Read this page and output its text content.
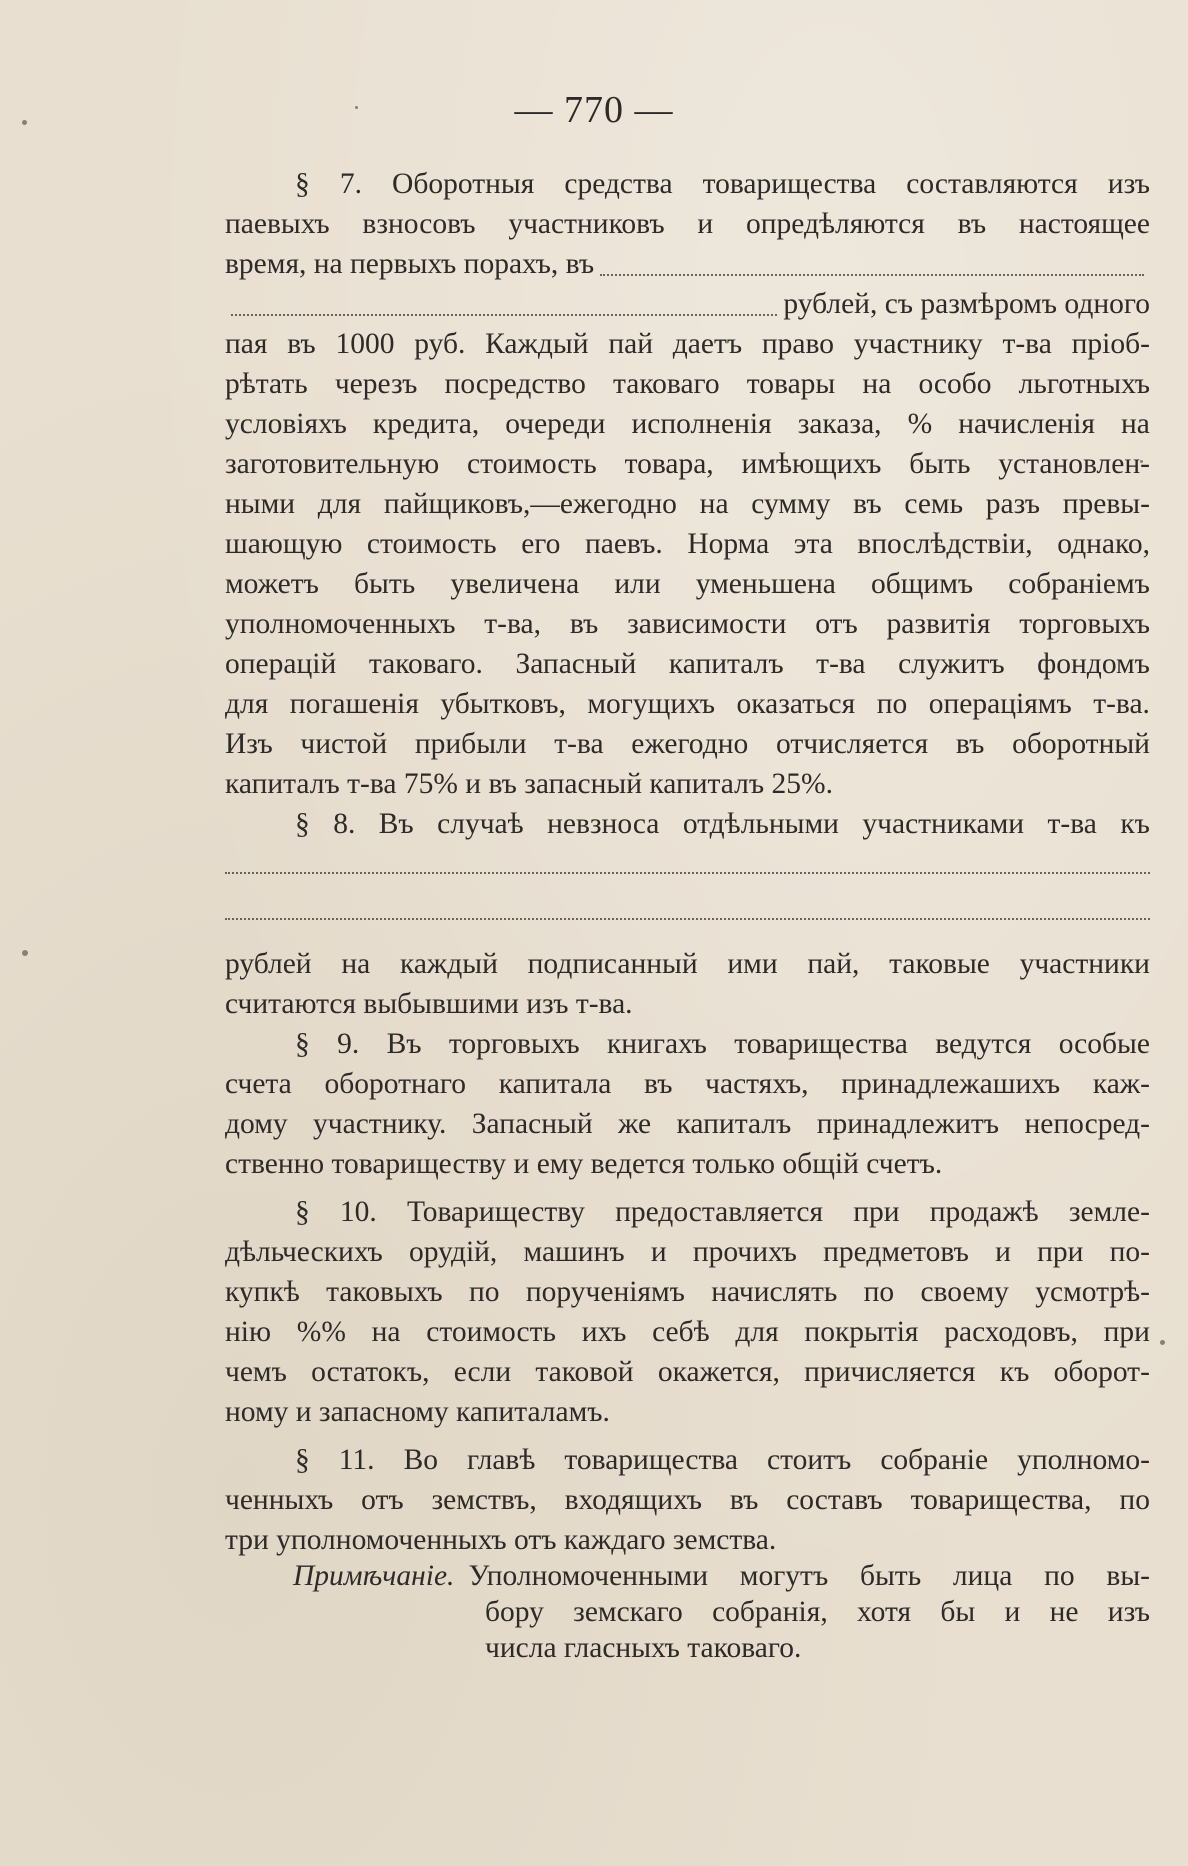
— 770 —
§ 7. Оборотныя средства товарищества составляются изъ
паевыхъ взносовъ участниковъ и опредѣляются въ настоящее
время, на первыхъ порахъ, въ
рублей, съ размѣромъ одного
пая въ 1000 руб. Каждый пай даетъ право участнику т-ва пріоб-
рѣтать черезъ посредство таковаго товары на особо льготныхъ
условіяхъ кредита, очереди исполненія заказа, % начисленія на
заготовительную стоимость товара, имѣющихъ быть установлен-
ными для пайщиковъ,—ежегодно на сумму въ семь разъ превы-
шающую стоимость его паевъ. Норма эта впослѣдствіи, однако,
можетъ быть увеличена или уменьшена общимъ собраніемъ
уполномоченныхъ т-ва, въ зависимости отъ развитія торговыхъ
операцій таковаго. Запасный капиталъ т-ва служитъ фондомъ
для погашенія убытковъ, могущихъ оказаться по операціямъ т-ва.
Изъ чистой прибыли т-ва ежегодно отчисляется въ оборотный
капиталъ т-ва 75% и въ запасный капиталъ 25%.
§ 8. Въ случаѣ невзноса отдѣльными участниками т-ва къ
рублей на каждый подписанный ими пай, таковые участники
считаются выбывшими изъ т-ва.
§ 9. Въ торговыхъ книгахъ товарищества ведутся особые
счета оборотнаго капитала въ частяхъ, принадлежашихъ каж-
дому участнику. Запасный же капиталъ принадлежитъ непосред-
ственно товариществу и ему ведется только общій счетъ.
§ 10. Товариществу предоставляется при продажѣ земле-
дѣльческихъ орудій, машинъ и прочихъ предметовъ и при по-
купкѣ таковыхъ по порученіямъ начислять по своему усмотрѣ-
нію %% на стоимость ихъ себѣ для покрытія расходовъ, при
чемъ остатокъ, если таковой окажется, причисляется къ оборот-
ному и запасному капиталамъ.
§ 11. Во главѣ товарищества стоитъ собраніе уполномо-
ченныхъ отъ земствъ, входящихъ въ составъ товарищества, по
три уполномоченныхъ отъ каждаго земства.
Примѣчаніе. Уполномоченными могутъ быть лица по вы-
бору земскаго собранія, хотя бы и не изъ
числа гласныхъ таковаго.
